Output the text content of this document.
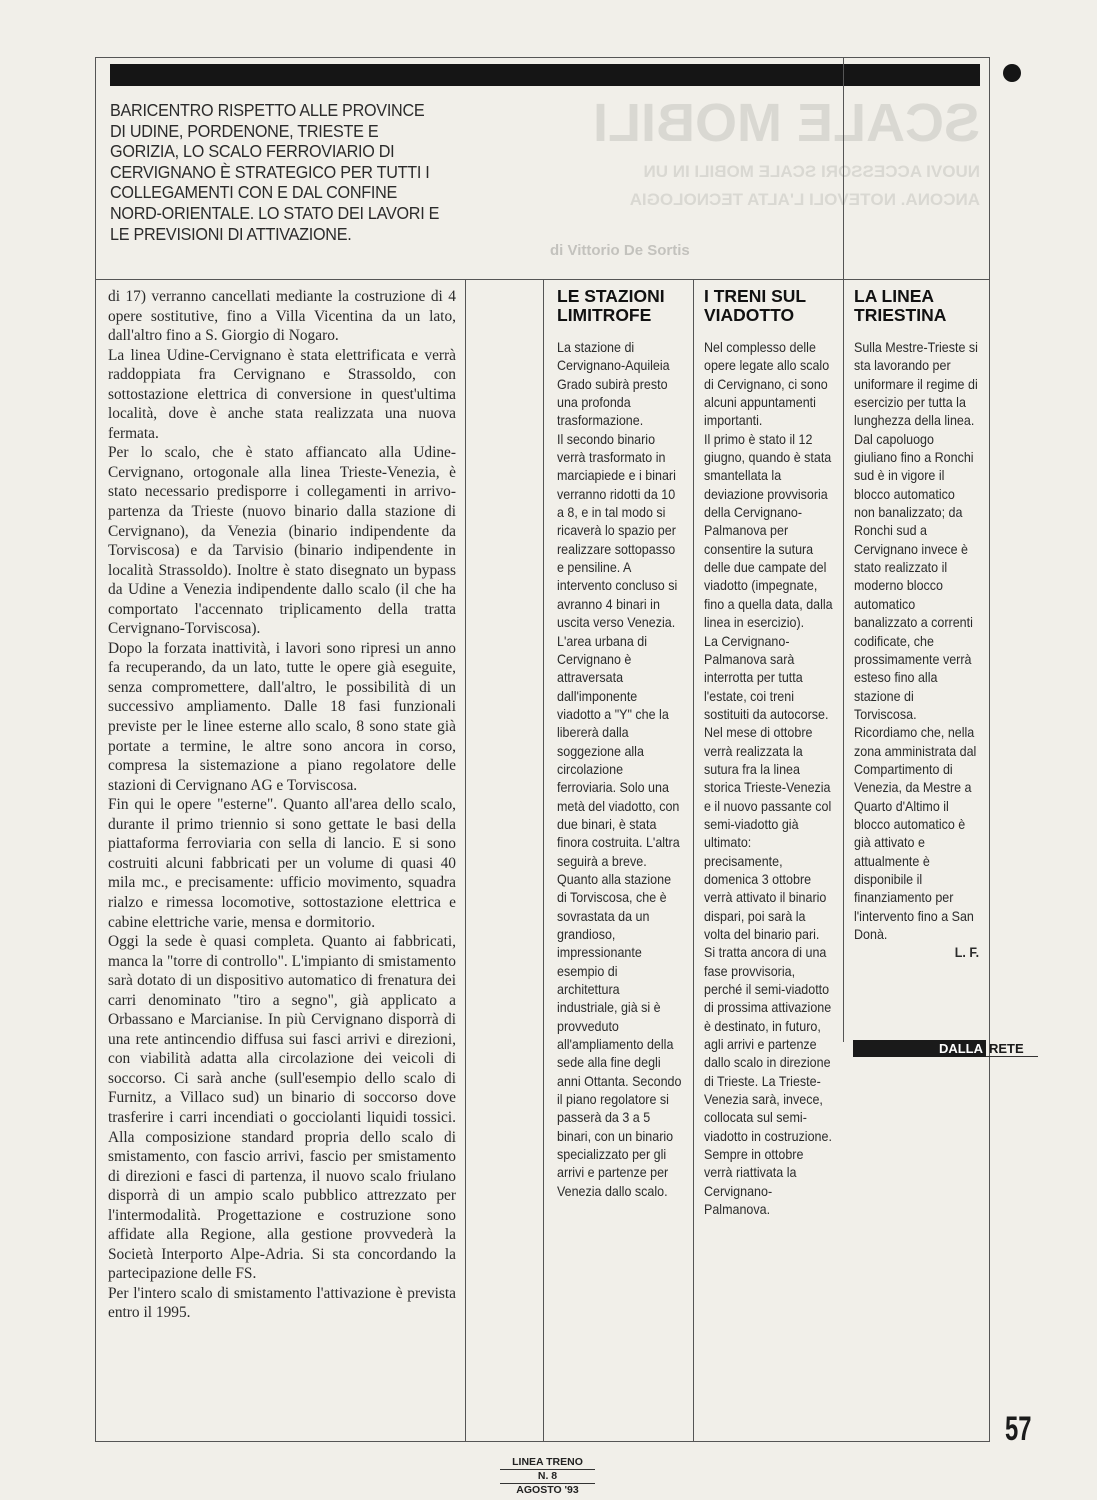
SCALE MOBILI
NUOVI ACCESSORI SCALE MOBILI IN UN
ANCONA. NOTEVOLI L'ALTA TECNOLOGIA
di Vittorio De Sortis
BARICENTRO RISPETTO ALLE PROVINCE DI UDINE, PORDENONE, TRIESTE E GORIZIA, LO SCALO FERROVIARIO DI CERVIGNANO È STRATEGICO PER TUTTI I COLLEGAMENTI CON E DAL CONFINE NORD-ORIENTALE. LO STATO DEI LAVORI E LE PREVISIONI DI ATTIVAZIONE.

di 17) verranno cancellati mediante la costruzione di 4 opere sostitutive, fino a Villa Vicentina da un lato, dall'altro fino a S. Giorgio di Nogaro.

La linea Udine-Cervignano è stata elettrificata e verrà raddoppiata fra Cervignano e Strassoldo, con sottostazione elettrica di conversione in quest'ultima località, dove è anche stata realizzata una nuova fermata.

Per lo scalo, che è stato affiancato alla Udine-Cervignano, ortogonale alla linea Trieste-Venezia, è stato necessario predisporre i collegamenti in arrivo-partenza da Trieste (nuovo binario dalla stazione di Cervignano), da Venezia (binario indipendente da Torviscosa) e da Tarvisio (binario indipendente in località Strassoldo). Inoltre è stato disegnato un bypass da Udine a Venezia indipendente dallo scalo (il che ha comportato l'accennato triplicamento della tratta Cervignano-Torviscosa).

Dopo la forzata inattività, i lavori sono ripresi un anno fa recuperando, da un lato, tutte le opere già eseguite, senza compromettere, dall'altro, le possibilità di un successivo ampliamento. Dalle 18 fasi funzionali previste per le linee esterne allo scalo, 8 sono state già portate a termine, le altre sono ancora in corso, compresa la sistemazione a piano regolatore delle stazioni di Cervignano AG e Torviscosa.

Fin qui le opere "esterne". Quanto all'area dello scalo, durante il primo triennio si sono gettate le basi della piattaforma ferroviaria con sella di lancio. E si sono costruiti alcuni fabbricati per un volume di quasi 40 mila mc., e precisamente: ufficio movimento, squadra rialzo e rimessa locomotive, sottostazione elettrica e cabine elettriche varie, mensa e dormitorio.

Oggi la sede è quasi completa. Quanto ai fabbricati, manca la "torre di controllo". L'impianto di smistamento sarà dotato di un dispositivo automatico di frenatura dei carri denominato "tiro a segno", già applicato a Orbassano e Marcianise. In più Cervignano disporrà di una rete antincendio diffusa sui fasci arrivi e direzioni, con viabilità adatta alla circolazione dei veicoli di soccorso. Ci sarà anche (sull'esempio dello scalo di Furnitz, a Villaco sud) un binario di soccorso dove trasferire i carri incendiati o gocciolanti liquidi tossici. Alla composizione standard propria dello scalo di smistamento, con fascio arrivi, fascio per smistamento di direzioni e fasci di partenza, il nuovo scalo friulano disporrà di un ampio scalo pubblico attrezzato per l'intermodalità. Progettazione e costruzione sono affidate alla Regione, alla gestione provvederà la Società Interporto Alpe-Adria. Si sta concordando la partecipazione delle FS.

Per l'intero scalo di smistamento l'attivazione è prevista entro il 1995.

LE STAZIONI LIMITROFE

La stazione di Cervignano-Aquileia Grado subirà presto una profonda trasformazione.

Il secondo binario verrà trasformato in marciapiede e i binari verranno ridotti da 10 a 8, e in tal modo si ricaverà lo spazio per realizzare sottopasso e pensiline. A intervento concluso si avranno 4 binari in uscita verso Venezia.

L'area urbana di Cervignano è attraversata dall'imponente viadotto a "Y" che la libererà dalla soggezione alla circolazione ferroviaria. Solo una metà del viadotto, con due binari, è stata finora costruita. L'altra seguirà a breve.

Quanto alla stazione di Torviscosa, che è sovrastata da un grandioso, impressionante esempio di architettura industriale, già si è provveduto all'ampliamento della sede alla fine degli anni Ottanta. Secondo il piano regolatore si passerà da 3 a 5 binari, con un binario specializzato per gli arrivi e partenze per Venezia dallo scalo.

I TRENI SUL VIADOTTO

Nel complesso delle opere legate allo scalo di Cervignano, ci sono alcuni appuntamenti importanti.

Il primo è stato il 12 giugno, quando è stata smantellata la deviazione provvisoria della Cervignano-Palmanova per consentire la sutura delle due campate del viadotto (impegnate, fino a quella data, dalla linea in esercizio).

La Cervignano-Palmanova sarà interrotta per tutta l'estate, coi treni sostituiti da autocorse.

Nel mese di ottobre verrà realizzata la sutura fra la linea storica Trieste-Venezia e il nuovo passante col semi-viadotto già ultimato: precisamente, domenica 3 ottobre verrà attivato il binario dispari, poi sarà la volta del binario pari. Si tratta ancora di una fase provvisoria, perché il semi-viadotto di prossima attivazione è destinato, in futuro, agli arrivi e partenze dallo scalo in direzione di Trieste. La Trieste-Venezia sarà, invece, collocata sul semi-viadotto in costruzione.

Sempre in ottobre verrà riattivata la Cervignano-Palmanova.

LA LINEA TRIESTINA

Sulla Mestre-Trieste si sta lavorando per uniformare il regime di esercizio per tutta la lunghezza della linea. Dal capoluogo giuliano fino a Ronchi sud è in vigore il blocco automatico non banalizzato; da Ronchi sud a Cervignano invece è stato realizzato il moderno blocco automatico banalizzato a correnti codificate, che prossimamente verrà esteso fino alla stazione di Torviscosa.

Ricordiamo che, nella zona amministrata dal Compartimento di Venezia, da Mestre a Quarto d'Altimo il blocco automatico è già attivato e attualmente è disponibile il finanziamento per l'intervento fino a San Donà.

L. F.

DALLA RETE
57
LINEA TRENO
N. 8
AGOSTO '93
